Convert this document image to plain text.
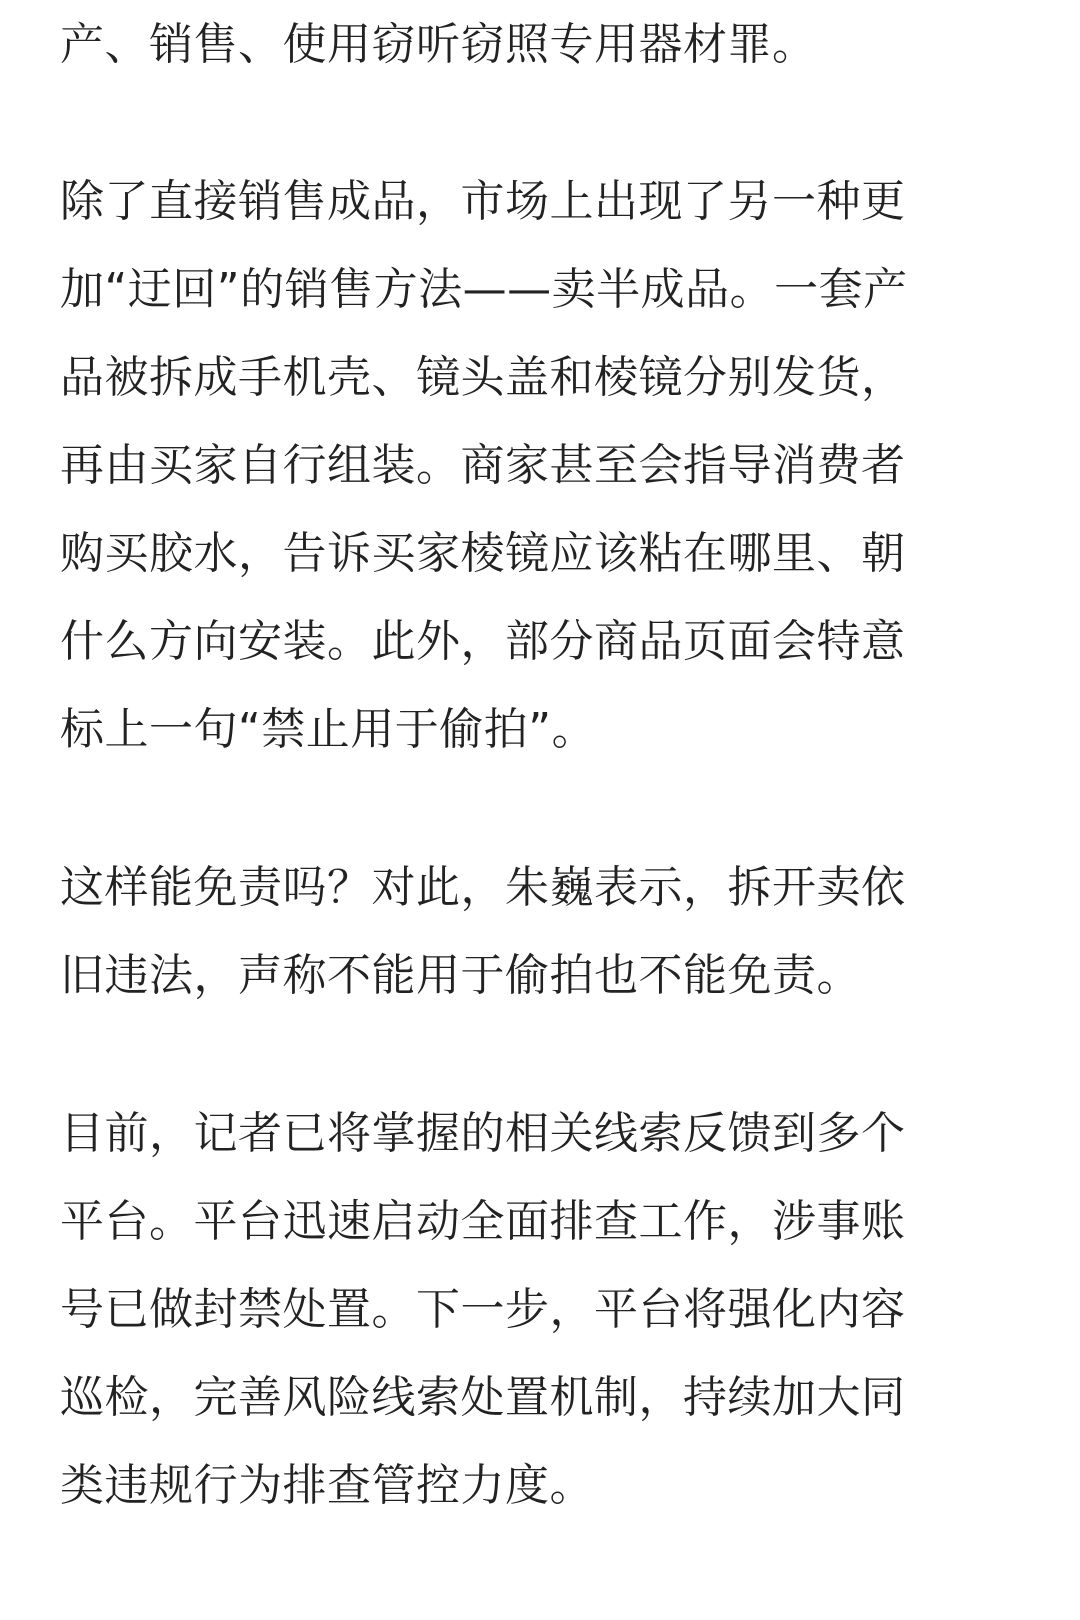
产、销售、使用窃听窃照专用器材罪。
除了直接销售成品，市场上出现了另一种更
加“迂回”的销售方法——卖半成品。一套产
品被拆成手机壳、镜头盖和棱镜分别发货，
再由买家自行组装。商家甚至会指导消费者
购买胶水，告诉买家棱镜应该粘在哪里、朝
什么方向安装。此外，部分商品页面会特意
标上一句“禁止用于偷拍”。
这样能免责吗？对此，朱巍表示，拆开卖依
旧违法，声称不能用于偷拍也不能免责。
目前，记者已将掌握的相关线索反馈到多个
平台。平台迅速启动全面排查工作，涉事账
号已做封禁处置。下一步，平台将强化内容
巡检，完善风险线索处置机制，持续加大同
类违规行为排查管控力度。
